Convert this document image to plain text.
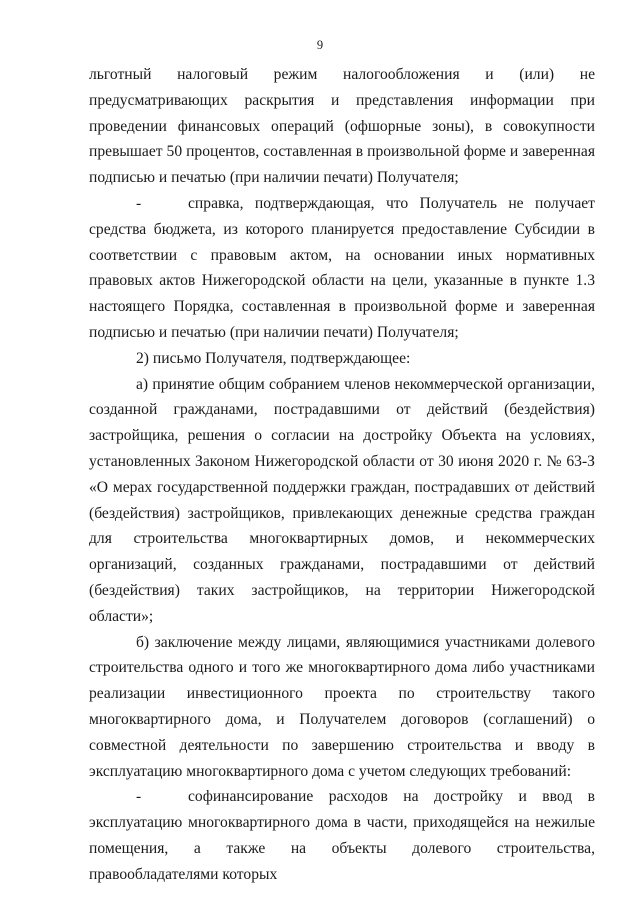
9

льготный налоговый режим налогообложения и (или) не предусматривающих раскрытия и представления информации при проведении финансовых операций (офшорные зоны), в совокупности превышает 50 процентов, составленная в произвольной форме и заверенная подписью и печатью (при наличии печати) Получателя;

-	справка, подтверждающая, что Получатель не получает средства бюджета, из которого планируется предоставление Субсидии в соответствии с правовым актом, на основании иных нормативных правовых актов Нижегородской области на цели, указанные в пункте 1.3 настоящего Порядка, составленная в произвольной форме и заверенная подписью и печатью (при наличии печати) Получателя;

2) письмо Получателя, подтверждающее:

а) принятие общим собранием членов некоммерческой организации, созданной гражданами, пострадавшими от действий (бездействия) застройщика, решения о согласии на достройку Объекта на условиях, установленных Законом Нижегородской области от 30 июня 2020 г. № 63-З «О мерах государственной поддержки граждан, пострадавших от действий (бездействия) застройщиков, привлекающих денежные средства граждан для строительства многоквартирных домов, и некоммерческих организаций, созданных гражданами, пострадавшими от действий (бездействия) таких застройщиков, на территории Нижегородской области»;

б) заключение между лицами, являющимися участниками долевого строительства одного и того же многоквартирного дома либо участниками реализации инвестиционного проекта по строительству такого многоквартирного дома, и Получателем договоров (соглашений) о совместной деятельности по завершению строительства и вводу в эксплуатацию многоквартирного дома с учетом следующих требований:

-	софинансирование расходов на достройку и ввод в эксплуатацию многоквартирного дома в части, приходящейся на нежилые помещения, а также на объекты долевого строительства, правообладателями которых
